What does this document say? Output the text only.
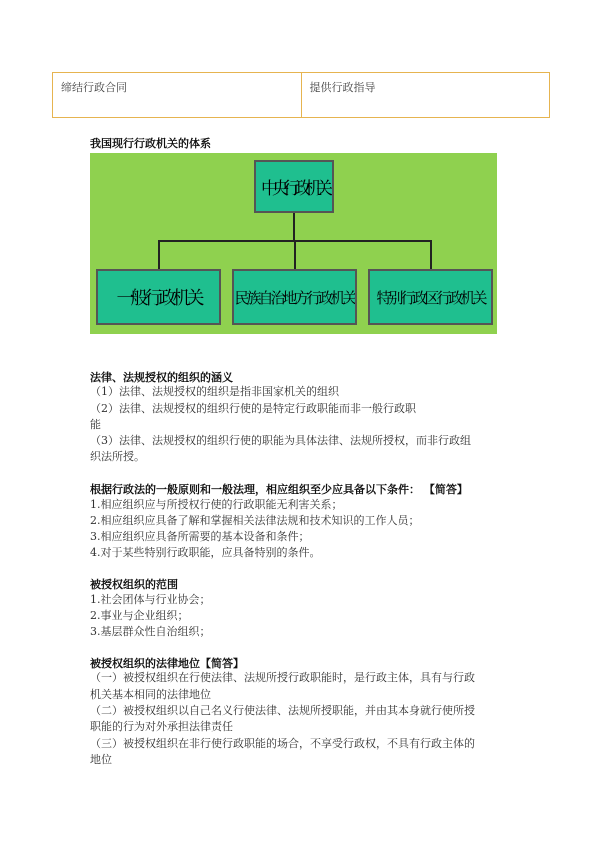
缔结行政合同	提供行政指导
我国现行行政机关的体系
中央行政机关
一般行政机关	民族自治地方行政机关	特别行政区行政机关
法律、法规授权的组织的涵义
（1）法律、法规授权的组织是指非国家机关的组织
（2）法律、法规授权的组织行使的是特定行政职能而非一般行政职
能
（3）法律、法规授权的组织行使的职能为具体法律、法规所授权，而非行政组
织法所授。
根据行政法的一般原则和一般法理，相应组织至少应具备以下条件： 【简答】
1.相应组织应与所授权行使的行政职能无利害关系；
2.相应组织应具备了解和掌握相关法律法规和技术知识的工作人员；
3.相应组织应具备所需要的基本设备和条件；
4.对于某些特别行政职能，应具备特别的条件。
被授权组织的范围
1.社会团体与行业协会；
2.事业与企业组织；
3.基层群众性自治组织；
被授权组织的法律地位【简答】
（一）被授权组织在行使法律、法规所授行政职能时，是行政主体，具有与行政
机关基本相同的法律地位
（二）被授权组织以自己名义行使法律、法规所授职能，并由其本身就行使所授
职能的行为对外承担法律责任
（三）被授权组织在非行使行政职能的场合，不享受行政权，不具有行政主体的
地位
